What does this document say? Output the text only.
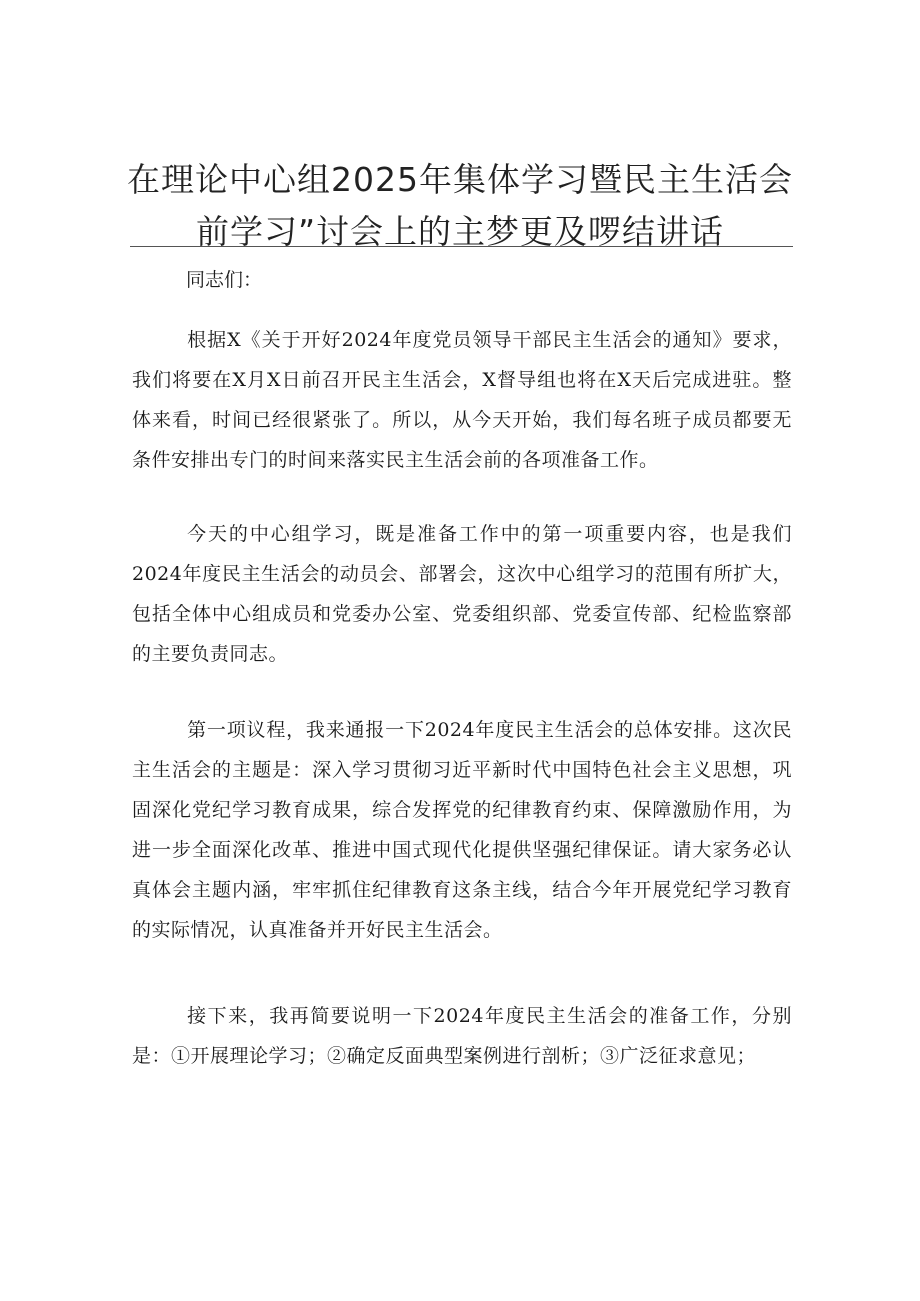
在理论中心组2025年集体学习暨民主生活会
前学习”讨会上的主梦更及啰结讲话
同志们：

根据X《关于开好2024年度党员领导干部民主生活会的通知》要求，我们将要在X月X日前召开民主生活会，X督导组也将在X天后完成进驻。整体来看，时间已经很紧张了。所以，从今天开始，我们每名班子成员都要无条件安排出专门的时间来落实民主生活会前的各项准备工作。

今天的中心组学习，既是准备工作中的第一项重要内容，也是我们2024年度民主生活会的动员会、部署会，这次中心组学习的范围有所扩大，包括全体中心组成员和党委办公室、党委组织部、党委宣传部、纪检监察部的主要负责同志。

第一项议程，我来通报一下2024年度民主生活会的总体安排。这次民主生活会的主题是：深入学习贯彻习近平新时代中国特色社会主义思想，巩固深化党纪学习教育成果，综合发挥党的纪律教育约束、保障激励作用，为进一步全面深化改革、推进中国式现代化提供坚强纪律保证。请大家务必认真体会主题内涵，牢牢抓住纪律教育这条主线，结合今年开展党纪学习教育的实际情况，认真准备并开好民主生活会。

接下来，我再简要说明一下2024年度民主生活会的准备工作，分别是：①开展理论学习；②确定反面典型案例进行剖析；③广泛征求意见；
